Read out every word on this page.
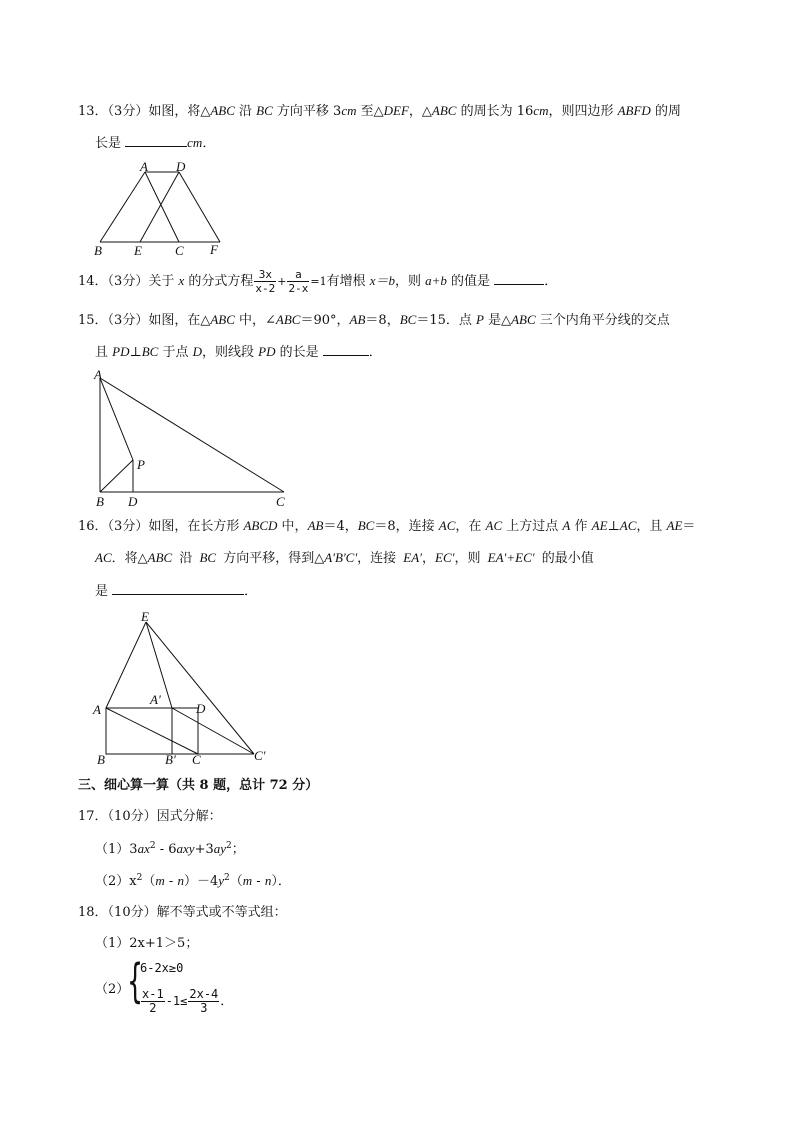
13．（3分）如图，将△ABC 沿 BC 方向平移 3cm 至△DEF，△ABC 的周长为 16cm，则四边形 ABFD 的周
长是	cm．
A D
B E	C F
14．（3分）关于 x 的分式方程 $\frac{3x}{x-2} + \frac{a}{2-x} =1$有增根 x＝b，则 a+b 的值是	．
15．（3分）如图，在△ABC 中，∠ABC＝90°，AB＝8，BC＝15．点 P 是△ABC 三个内角平分线的交点
且 PD⊥BC 于点 D，则线段 PD 的长是	．
A
P
B D	C
16．（3分）如图，在长方形 ABCD 中，AB＝4，BC＝8，连接 AC，在 AC 上方过点 A 作 AE⊥AC，且 AE＝
AC．将△ABC 沿 BC 方向平移，得到△A'B'C'，连接 EA′，EC′，则 EA′+EC′ 的最小值
是	．
E
A
A′
D
B	B′ C	C′
三、细心算一算（共 8 题，总计 72 分）
17．（10分）因式分解：
$(1)3ax^2 - 6axy+3ay^2$；
$(2)x^2(m - n)-4y^2(m - n)$．
18．（10分）解不等式或不等式组：
（1）2x+1＞5；
（2）
{
6-2x≥0
$\frac{x-1}{2} -1\le \frac{2x-4}{3}$ ．
